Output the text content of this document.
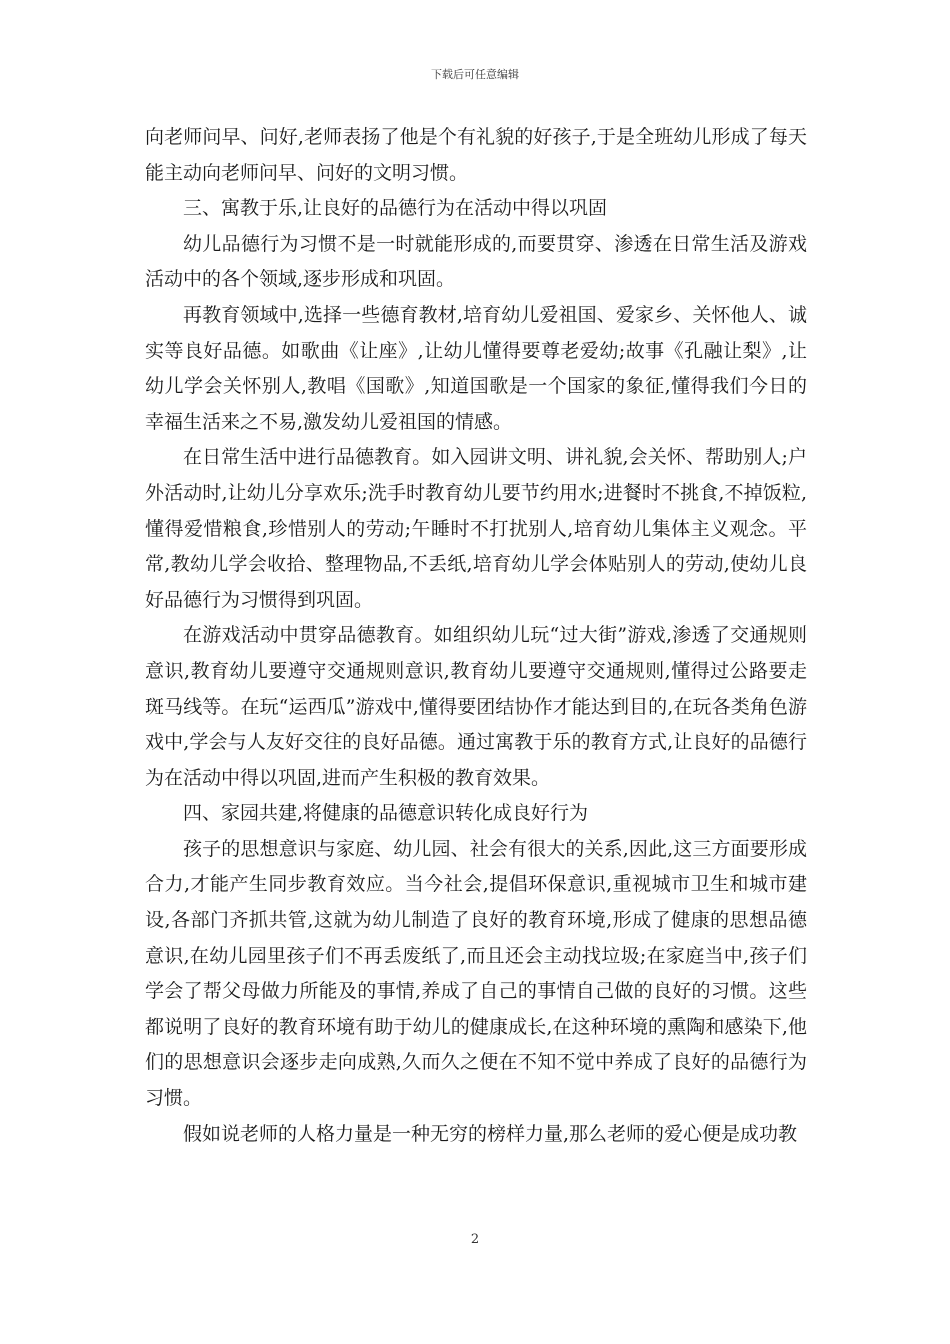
下载后可任意编辑

向老师问早、问好,老师表扬了他是个有礼貌的好孩子,于是全班幼儿形成了每天能主动向老师问早、问好的文明习惯。

三、寓教于乐,让良好的品德行为在活动中得以巩固

幼儿品德行为习惯不是一时就能形成的,而要贯穿、渗透在日常生活及游戏活动中的各个领域,逐步形成和巩固。

再教育领域中,选择一些德育教材,培育幼儿爱祖国、爱家乡、关怀他人、诚实等良好品德。如歌曲《让座》,让幼儿懂得要尊老爱幼;故事《孔融让梨》,让幼儿学会关怀别人,教唱《国歌》,知道国歌是一个国家的象征,懂得我们今日的幸福生活来之不易,激发幼儿爱祖国的情感。

在日常生活中进行品德教育。如入园讲文明、讲礼貌,会关怀、帮助别人;户外活动时,让幼儿分享欢乐;洗手时教育幼儿要节约用水;进餐时不挑食,不掉饭粒,懂得爱惜粮食,珍惜别人的劳动;午睡时不打扰别人,培育幼儿集体主义观念。平常,教幼儿学会收拾、整理物品,不丢纸,培育幼儿学会体贴别人的劳动,使幼儿良好品德行为习惯得到巩固。

在游戏活动中贯穿品德教育。如组织幼儿玩“过大街”游戏,渗透了交通规则意识,教育幼儿要遵守交通规则意识,教育幼儿要遵守交通规则,懂得过公路要走斑马线等。在玩“运西瓜”游戏中,懂得要团结协作才能达到目的,在玩各类角色游戏中,学会与人友好交往的良好品德。通过寓教于乐的教育方式,让良好的品德行为在活动中得以巩固,进而产生积极的教育效果。

四、家园共建,将健康的品德意识转化成良好行为

孩子的思想意识与家庭、幼儿园、社会有很大的关系,因此,这三方面要形成合力,才能产生同步教育效应。当今社会,提倡环保意识,重视城市卫生和城市建设,各部门齐抓共管,这就为幼儿制造了良好的教育环境,形成了健康的思想品德意识,在幼儿园里孩子们不再丢废纸了,而且还会主动找垃圾;在家庭当中,孩子们学会了帮父母做力所能及的事情,养成了自己的事情自己做的良好的习惯。这些都说明了良好的教育环境有助于幼儿的健康成长,在这种环境的熏陶和感染下,他们的思想意识会逐步走向成熟,久而久之便在不知不觉中养成了良好的品德行为习惯。

假如说老师的人格力量是一种无穷的榜样力量,那么老师的爱心便是成功教

2
